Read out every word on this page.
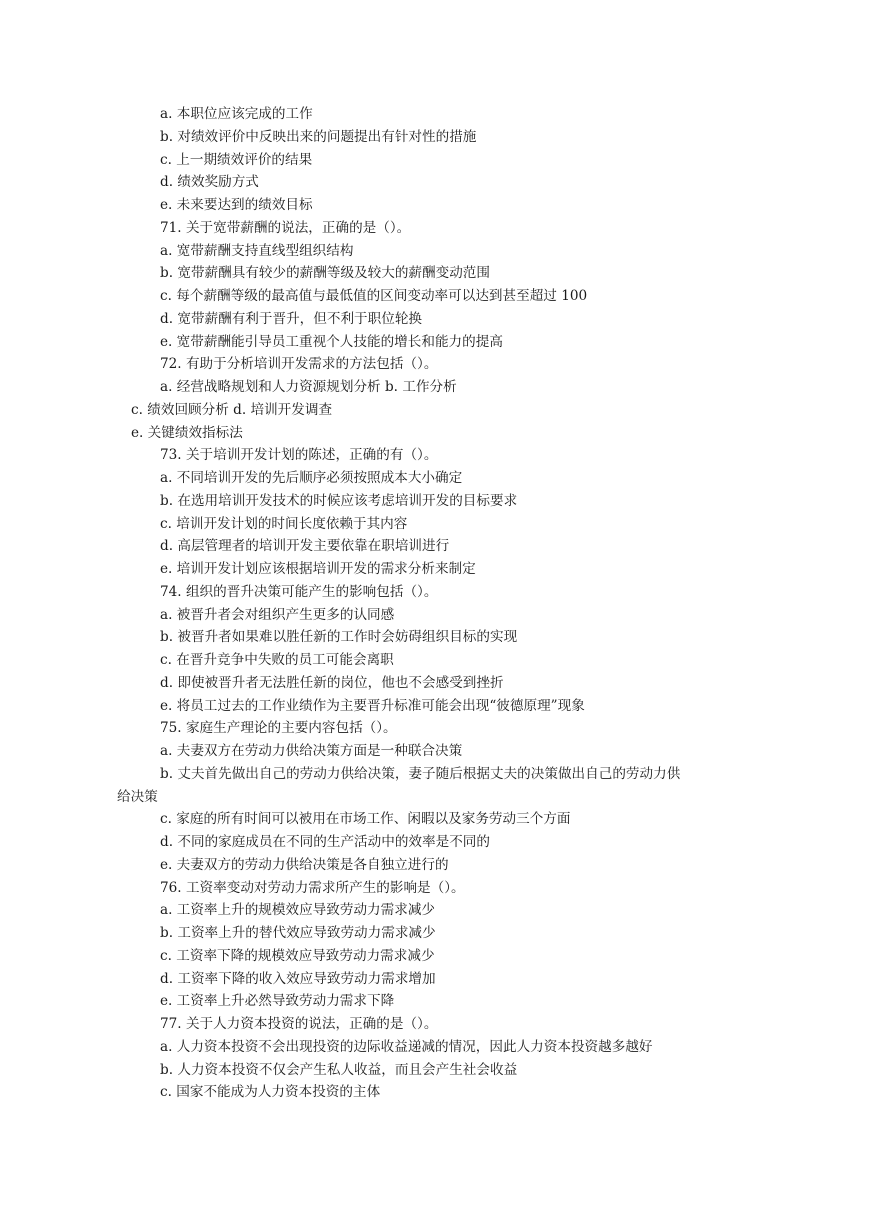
a. 本职位应该完成的工作
b. 对绩效评价中反映出来的问题提出有针对性的措施
c. 上一期绩效评价的结果
d. 绩效奖励方式
e. 未来要达到的绩效目标
71. 关于宽带薪酬的说法，正确的是（）。
a. 宽带薪酬支持直线型组织结构
b. 宽带薪酬具有较少的薪酬等级及较大的薪酬变动范围
c. 每个薪酬等级的最高值与最低值的区间变动率可以达到甚至超过 100
d. 宽带薪酬有利于晋升，但不利于职位轮换
e. 宽带薪酬能引导员工重视个人技能的增长和能力的提高
72. 有助于分析培训开发需求的方法包括（）。
a. 经营战略规划和人力资源规划分析 b. 工作分析
c. 绩效回顾分析 d. 培训开发调查
e. 关键绩效指标法
73. 关于培训开发计划的陈述，正确的有（）。
a. 不同培训开发的先后顺序必须按照成本大小确定
b. 在选用培训开发技术的时候应该考虑培训开发的目标要求
c. 培训开发计划的时间长度依赖于其内容
d. 高层管理者的培训开发主要依靠在职培训进行
e. 培训开发计划应该根据培训开发的需求分析来制定
74. 组织的晋升决策可能产生的影响包括（）。
a. 被晋升者会对组织产生更多的认同感
b. 被晋升者如果难以胜任新的工作时会妨碍组织目标的实现
c. 在晋升竞争中失败的员工可能会离职
d. 即使被晋升者无法胜任新的岗位，他也不会感受到挫折
e. 将员工过去的工作业绩作为主要晋升标准可能会出现“彼德原理”现象
75. 家庭生产理论的主要内容包括（）。
a. 夫妻双方在劳动力供给决策方面是一种联合决策
b. 丈夫首先做出自己的劳动力供给决策，妻子随后根据丈夫的决策做出自己的劳动力供
给决策
c. 家庭的所有时间可以被用在市场工作、闲暇以及家务劳动三个方面
d. 不同的家庭成员在不同的生产活动中的效率是不同的
e. 夫妻双方的劳动力供给决策是各自独立进行的
76. 工资率变动对劳动力需求所产生的影响是（）。
a. 工资率上升的规模效应导致劳动力需求减少
b. 工资率上升的替代效应导致劳动力需求减少
c. 工资率下降的规模效应导致劳动力需求减少
d. 工资率下降的收入效应导致劳动力需求增加
e. 工资率上升必然导致劳动力需求下降
77. 关于人力资本投资的说法，正确的是（）。
a. 人力资本投资不会出现投资的边际收益递减的情况，因此人力资本投资越多越好
b. 人力资本投资不仅会产生私人收益，而且会产生社会收益
c. 国家不能成为人力资本投资的主体
